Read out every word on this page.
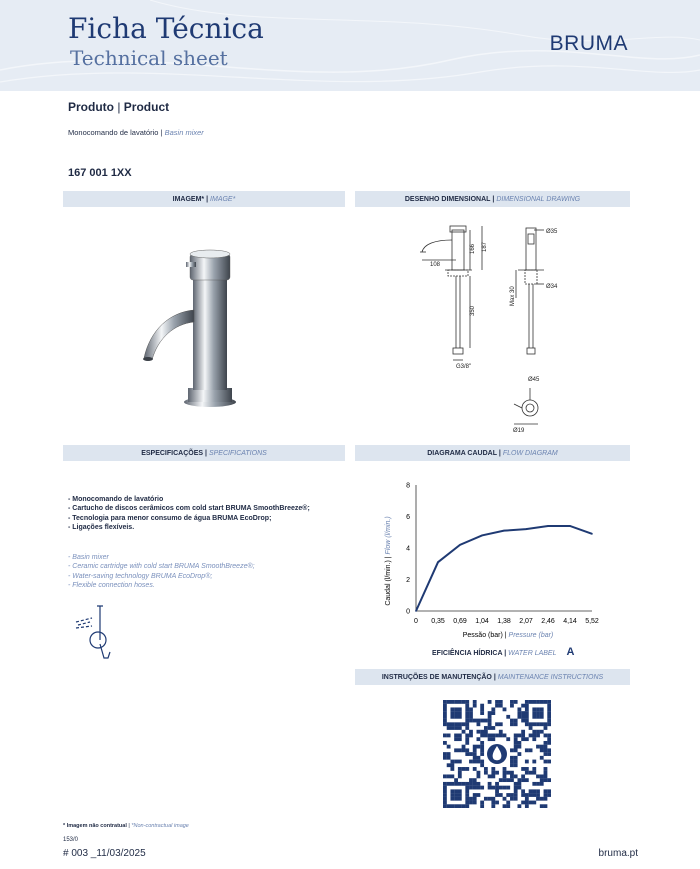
Ficha Técnica
Technical sheet
BRUMA
Produto | Product
Monocomando de lavatório | Basin mixer
167 001 1XX
IMAGEM* | IMAGE*	DESENHO DIMENSIONAL | DIMENSIONAL DRAWING
ESPECIFICAÇÕES | SPECIFICATIONS	DIAGRAMA CAUDAL | FLOW DIAGRAM
INSTRUÇÕES DE MANUTENÇÃO | MAINTENANCE INSTRUCTIONS
166 187
108
350
G3/8"
Ø35
Max 30	Ø34
Ø45
Ø19
- Monocomando de lavatório
- Cartucho de discos cerâmicos com cold start BRUMA SmoothBreeze®;
- Tecnologia para menor consumo de água BRUMA EcoDrop;
- Ligações flexíveis.
- Basin mixer
- Ceramic cartridge with cold start BRUMA SmoothBreeze®;
- Water-saving technology BRUMA EcoDrop®;
- Flexible connection hoses.
0
2
4
6
8
0 0,35 0,69 1,04 1,38 2,07 2,46 4,14 5,52
Caudal (l/min.) | Flow (l/min.)
Pessão (bar) | Pressure (bar)
EFICIÊNCIA HÍDRICA | WATER LABEL A
* Imagem não contratual | *Non-contractual image
153/0
# 003 _11/03/2025	bruma.pt
